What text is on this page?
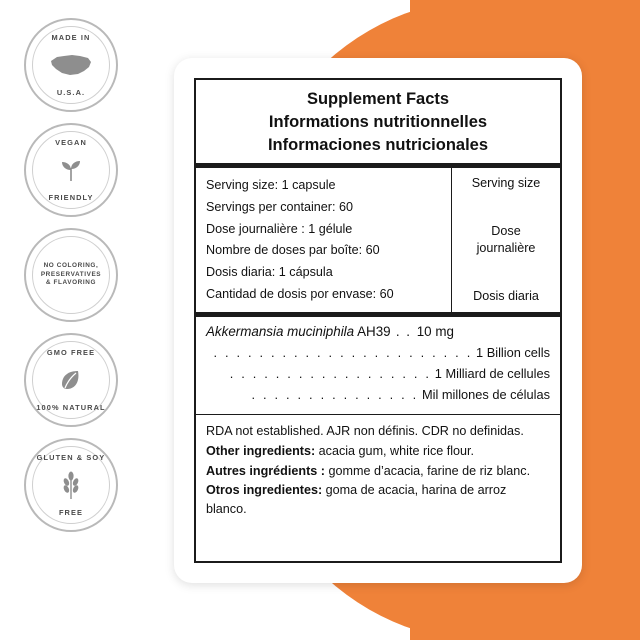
MADE IN
U.S.A.
VEGAN
FRIENDLY
NO COLORING,
PRESERVATIVES
& FLAVORING
GMO FREE
100% NATURAL
GLUTEN & SOY
FREE
Supplement Facts
Informations nutritionnelles
Informaciones nutricionales
Serving size: 1 capsule
Servings per container: 60
Dose journalière : 1 gélule
Nombre de doses par boîte: 60
Dosis diaria: 1 cápsula
Cantidad de dosis por envase: 60
Serving size
Dose
journalière
Dosis diaria
Akkermansia muciniphila AH39 . . 10 mg
. . . . . . . . . . . . . . . . . . . . . . . 1 Billion cells
. . . . . . . . . . . . . . . . . . 1 Milliard de cellules
. . . . . . . . . . . . . . . Mil millones de células

RDA not established. AJR non définis. CDR no definidas.

Other ingredients: acacia gum, white rice flour.

Autres ingrédients : gomme d’acacia, farine de riz blanc. Otros ingredientes: goma de acacia, harina de arroz blanco.
